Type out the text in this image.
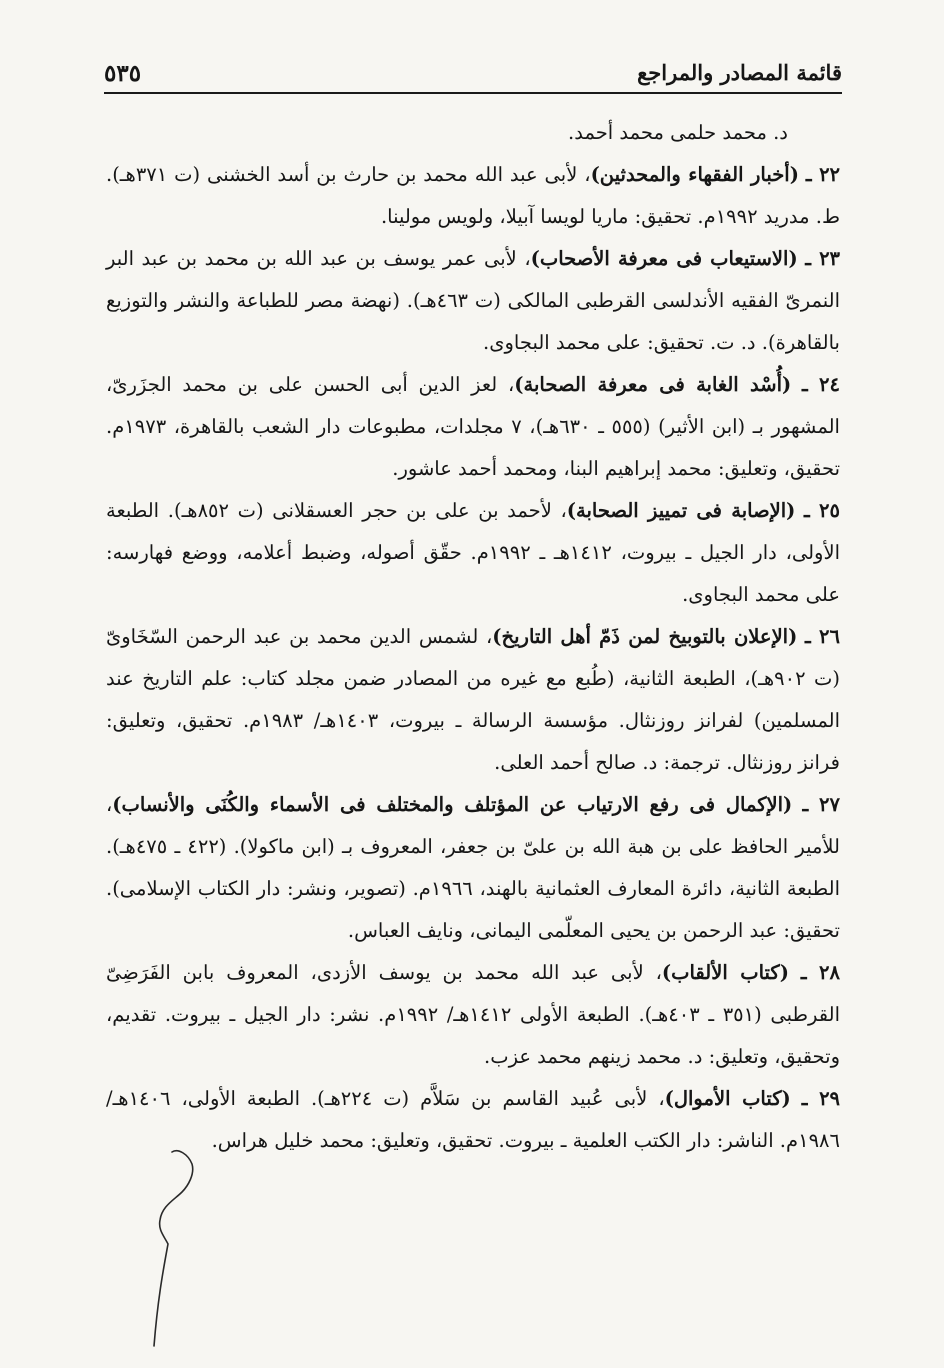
قائمة المصادر والمراجع
٥٣٥
د. محمد حلمى محمد أحمد.

٢٢ ـ (أخبار الفقهاء والمحدثين)، لأبى عبد الله محمد بن حارث بن أسد الخشنى (ت ٣٧١هـ). ط. مدريد ١٩٩٢م. تحقيق: ماريا لويسا آبيلا، ولويس مولينا.

٢٣ ـ (الاستيعاب فى معرفة الأصحاب)، لأبى عمر يوسف بن عبد الله بن محمد بن عبد البر النمرىّ الفقيه الأندلسى القرطبى المالكى (ت ٤٦٣هـ). (نهضة مصر للطباعة والنشر والتوزيع بالقاهرة). د. ت. تحقيق: على محمد البجاوى.

٢٤ ـ (أُسْد الغابة فى معرفة الصحابة)، لعز الدين أبى الحسن على بن محمد الجزَرىّ، المشهور بـ (ابن الأثير) (٥٥٥ ـ ٦٣٠هـ)، ٧ مجلدات، مطبوعات دار الشعب بالقاهرة، ١٩٧٣م. تحقيق، وتعليق: محمد إبراهيم البنا، ومحمد أحمد عاشور.

٢٥ ـ (الإصابة فى تمييز الصحابة)، لأحمد بن على بن حجر العسقلانى (ت ٨٥٢هـ). الطبعة الأولى، دار الجيل ـ بيروت، ١٤١٢هـ ـ ١٩٩٢م. حقّق أصوله، وضبط أعلامه، ووضع فهارسه: على محمد البجاوى.

٢٦ ـ (الإعلان بالتوبيخ لمن ذَمّ أهل التاريخ)، لشمس الدين محمد بن عبد الرحمن السّخَاوىّ (ت ٩٠٢هـ)، الطبعة الثانية، (طُبع مع غيره من المصادر ضمن مجلد كتاب: علم التاريخ عند المسلمين) لفرانز روزنثال. مؤسسة الرسالة ـ بيروت، ١٤٠٣هـ/ ١٩٨٣م. تحقيق، وتعليق: فرانز روزنثال. ترجمة: د. صالح أحمد العلى.

٢٧ ـ (الإكمال فى رفع الارتياب عن المؤتلف والمختلف فى الأسماء والكُنَى والأنساب)، للأمير الحافظ على بن هبة الله بن علىّ بن جعفر، المعروف بـ (ابن ماكولا). (٤٢٢ ـ ٤٧٥هـ). الطبعة الثانية، دائرة المعارف العثمانية بالهند، ١٩٦٦م. (تصوير، ونشر: دار الكتاب الإسلامى). تحقيق: عبد الرحمن بن يحيى المعلّمى اليمانى، ونايف العباس.

٢٨ ـ (كتاب الألقاب)، لأبى عبد الله محمد بن يوسف الأزدى، المعروف بابن الفَرَضِىّ القرطبى (٣٥١ ـ ٤٠٣هـ). الطبعة الأولى ١٤١٢هـ/ ١٩٩٢م. نشر: دار الجيل ـ بيروت. تقديم، وتحقيق، وتعليق: د. محمد زينهم محمد عزب.

٢٩ ـ (كتاب الأموال)، لأبى عُبيد القاسم بن سَلاَّم (ت ٢٢٤هـ). الطبعة الأولى، ١٤٠٦هـ/ ١٩٨٦م. الناشر: دار الكتب العلمية ـ بيروت. تحقيق، وتعليق: محمد خليل هراس.
